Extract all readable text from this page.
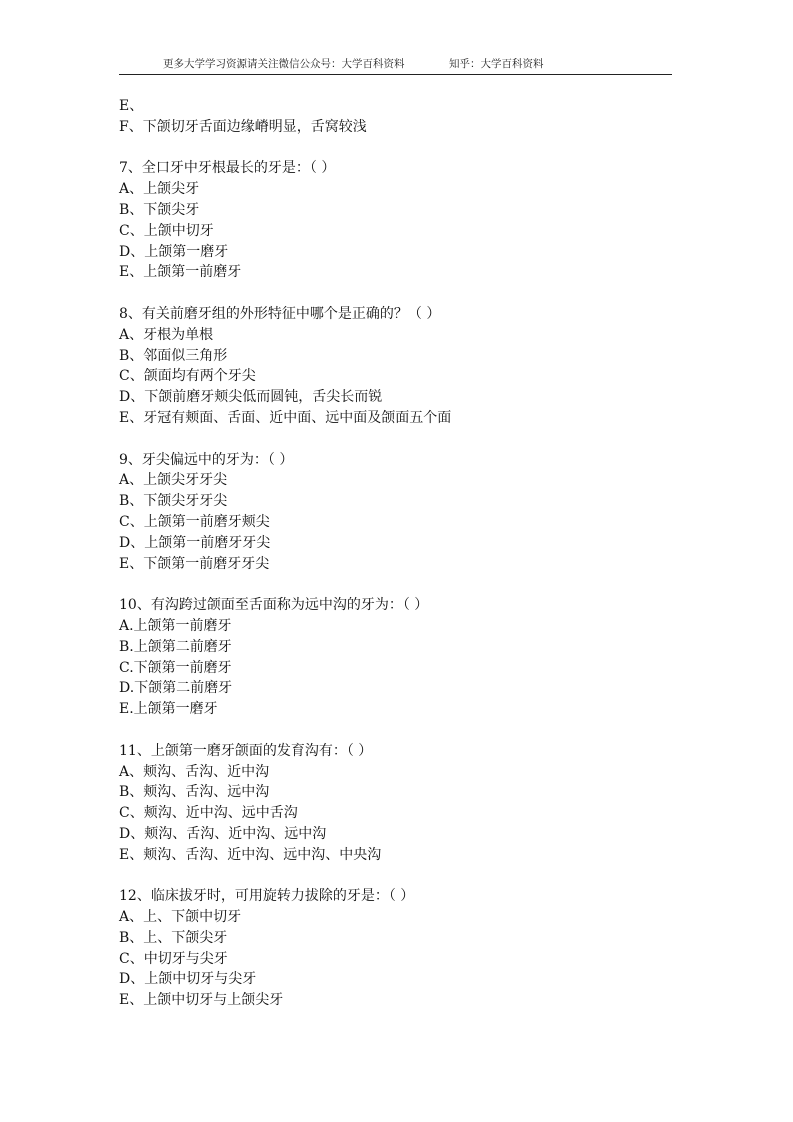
更多大学学习资源请关注微信公众号：大学百科资料	知乎：大学百科资料
E、
F、下颌切牙舌面边缘嵴明显，舌窝较浅
7、全口牙中牙根最长的牙是：（ ）
A、上颌尖牙
B、下颌尖牙
C、上颌中切牙
D、上颌第一磨牙
E、上颌第一前磨牙
8、有关前磨牙组的外形特征中哪个是正确的？（ ）
A、牙根为单根
B、邻面似三角形
C、颌面均有两个牙尖
D、下颌前磨牙颊尖低而圆钝，舌尖长而锐
E、牙冠有颊面、舌面、近中面、远中面及颌面五个面
9、牙尖偏远中的牙为：（ ）
A、上颌尖牙牙尖
B、下颌尖牙牙尖
C、上颌第一前磨牙颊尖
D、上颌第一前磨牙牙尖
E、下颌第一前磨牙牙尖
10、有沟跨过颌面至舌面称为远中沟的牙为：（ ）
A.上颌第一前磨牙
B.上颌第二前磨牙
C.下颌第一前磨牙
D.下颌第二前磨牙
E.上颌第一磨牙
11、上颌第一磨牙颌面的发育沟有：（ ）
A、颊沟、舌沟、近中沟
B、颊沟、舌沟、远中沟
C、颊沟、近中沟、远中舌沟
D、颊沟、舌沟、近中沟、远中沟
E、颊沟、舌沟、近中沟、远中沟、中央沟
12、临床拔牙时，可用旋转力拔除的牙是：（ ）
A、上、下颌中切牙
B、上、下颌尖牙
C、中切牙与尖牙
D、上颌中切牙与尖牙
E、上颌中切牙与上颌尖牙
